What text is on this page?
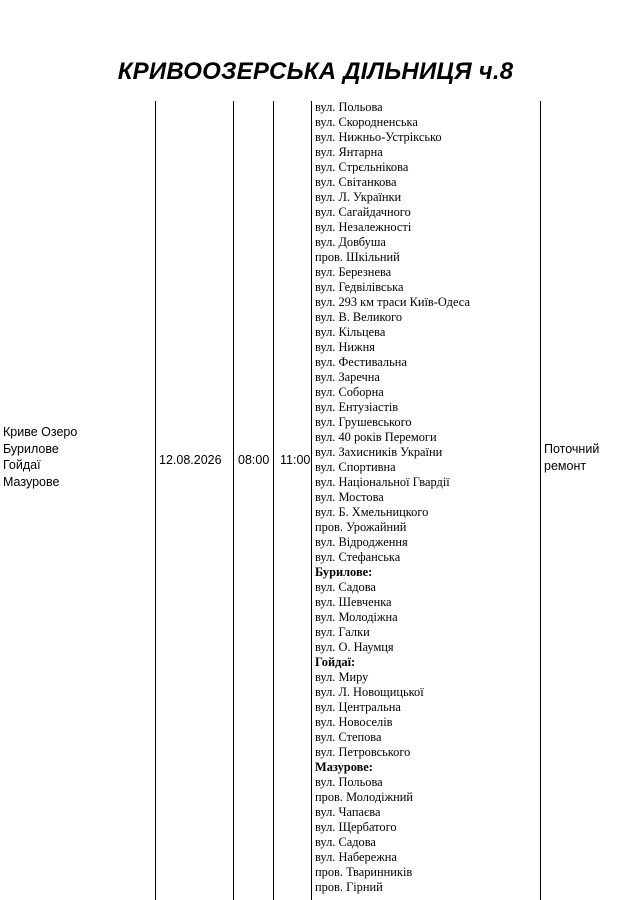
КРИВООЗЕРСЬКА ДІЛЬНИЦЯ ч.8
Криве Озеро
Бурилове
Гойдаї
Мазурове
12.08.2026 08:00 11:00
Поточний
ремонт
вул. Польова
вул. Скородненська
вул. Нижньо-Устріксько
вул. Янтарна
вул. Стрєльнікова
вул. Світанкова
вул. Л. Українки
вул. Сагайдачного
вул. Незалежності
вул. Довбуша
пров. Шкільний
вул. Березнева
вул. Гедвілівська
вул. 293 км траси Київ-Одеса
вул. В. Великого
вул. Кільцева
вул. Нижня
вул. Фестивальна
вул. Заречна
вул. Соборна
вул. Ентузіастів
вул. Грушевського
вул. 40 років Перемоги
вул. Захисників України
вул. Спортивна
вул. Національної Гвардії
вул. Мостова
вул. Б. Хмельницкого
пров. Урожайний
вул. Відродження
вул. Стефанська
Бурилове:
вул. Садова
вул. Шевченка
вул. Молодіжна
вул. Галки
вул. О. Наумця
Гойдаї:
вул. Миру
вул. Л. Новощицької
вул. Центральна
вул. Новоселів
вул. Степова
вул. Петровського
Мазурове:
вул. Польова
пров. Молодіжний
вул. Чапаєва
вул. Щербатого
вул. Садова
вул. Набережна
пров. Тваринників
пров. Гірний
